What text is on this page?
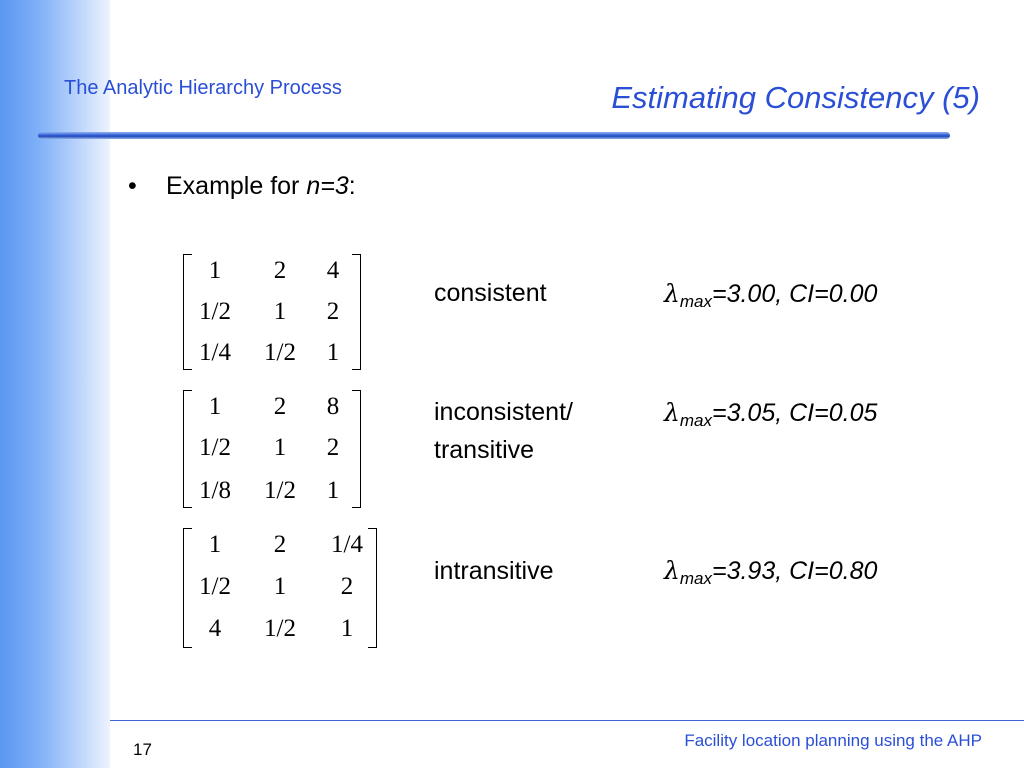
The Analytic Hierarchy Process	Estimating Consistency (5)
• Example for n=3:
1	2	4
1/2	1	2
1/4	1/2	1
consistent	$\lambda_{max}=3.00$, CI=0.00
1	2	8
1/2	1	2
1/8	1/2	1
inconsistent/
transitive
$\lambda_{max}=3.05$, CI=0.05
1	2	1/4
1/2	1	2
4	1/2	1
intransitive	$\lambda_{max}=3.93$, CI=0.80
17	Facility location planning using the AHP
